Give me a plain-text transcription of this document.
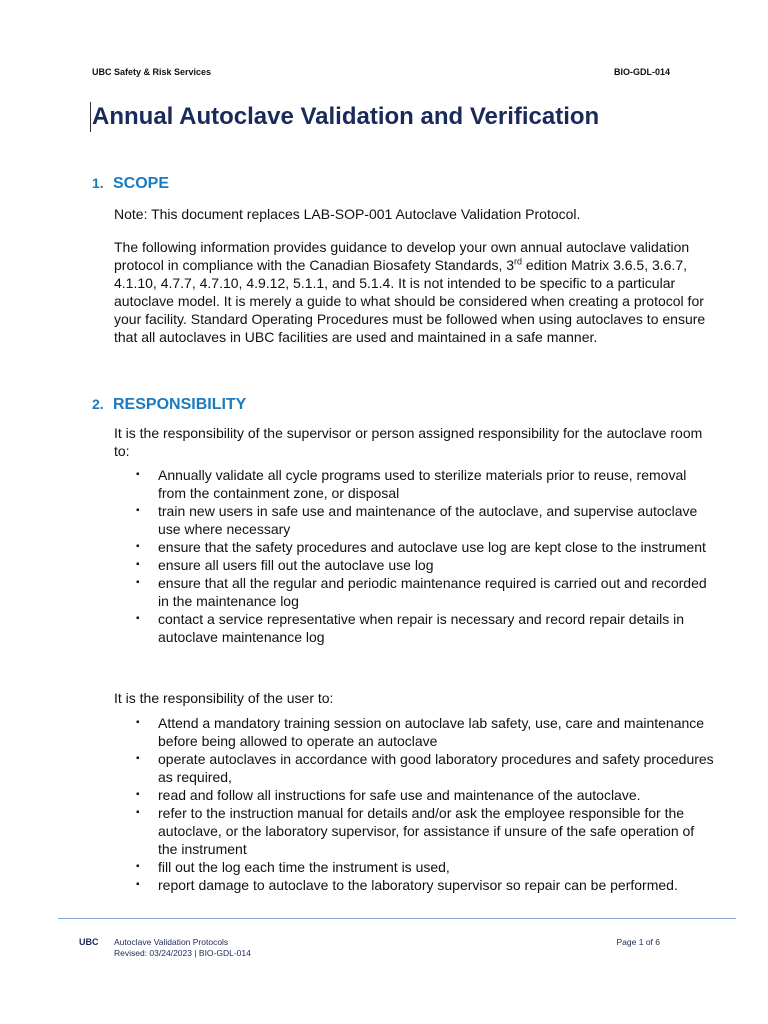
UBC Safety & Risk Services	BIO-GDL-014
Annual Autoclave Validation and Verification
1. SCOPE

Note: This document replaces LAB-SOP-001 Autoclave Validation Protocol.

The following information provides guidance to develop your own annual autoclave validation protocol in compliance with the Canadian Biosafety Standards, 3rd edition Matrix 3.6.5, 3.6.7, 4.1.10, 4.7.7, 4.7.10, 4.9.12, 5.1.1, and 5.1.4. It is not intended to be specific to a particular autoclave model. It is merely a guide to what should be considered when creating a protocol for your facility. Standard Operating Procedures must be followed when using autoclaves to ensure that all autoclaves in UBC facilities are used and maintained in a safe manner.

2. RESPONSIBILITY

It is the responsibility of the supervisor or person assigned responsibility for the autoclave room to:

▪ Annually validate all cycle programs used to sterilize materials prior to reuse, removal from the containment zone, or disposal
▪ train new users in safe use and maintenance of the autoclave, and supervise autoclave use where necessary
▪ ensure that the safety procedures and autoclave use log are kept close to the instrument
▪ ensure all users fill out the autoclave use log
▪ ensure that all the regular and periodic maintenance required is carried out and recorded in the maintenance log
▪ contact a service representative when repair is necessary and record repair details in autoclave maintenance log

It is the responsibility of the user to:

▪ Attend a mandatory training session on autoclave lab safety, use, care and maintenance before being allowed to operate an autoclave
▪ operate autoclaves in accordance with good laboratory procedures and safety procedures as required,
▪ read and follow all instructions for safe use and maintenance of the autoclave.
▪ refer to the instruction manual for details and/or ask the employee responsible for the autoclave, or the laboratory supervisor, for assistance if unsure of the safe operation of the instrument
▪ fill out the log each time the instrument is used,
▪ report damage to autoclave to the laboratory supervisor so repair can be performed.
UBC Autoclave Validation Protocols
Revised: 03/24/2023 | BIO-GDL-014
Page 1 of 6
